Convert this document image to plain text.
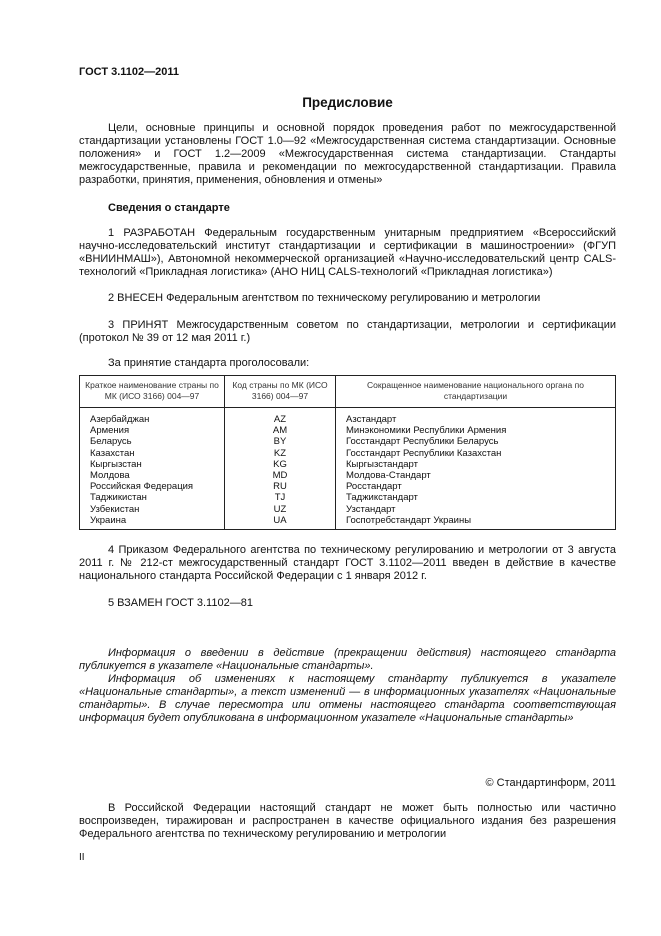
ГОСТ 3.1102—2011
Предисловие

Цели, основные принципы и основной порядок проведения работ по межгосударственной стандартизации установлены ГОСТ 1.0—92 «Межгосударственная система стандартизации. Основные положения» и ГОСТ 1.2—2009 «Межгосударственная система стандартизации. Стандарты межгосударственные, правила и рекомендации по межгосударственной стандартизации. Правила разработки, принятия, применения, обновления и отмены»

Сведения о стандарте

1 РАЗРАБОТАН Федеральным государственным унитарным предприятием «Всероссийский научно-исследовательский институт стандартизации и сертификации в машиностроении» (ФГУП «ВНИИНМАШ»), Автономной некоммерческой организацией «Научно-исследовательский центр CALS-технологий «Прикладная логистика» (АНО НИЦ CALS-технологий «Прикладная логистика»)

2 ВНЕСЕН Федеральным агентством по техническому регулированию и метрологии

3 ПРИНЯТ Межгосударственным советом по стандартизации, метрологии и сертификации (протокол № 39 от 12 мая 2011 г.)

За принятие стандарта проголосовали:

Краткое наименование страны по МК (ИСО 3166) 004—97	Код страны по МК (ИСО 3166) 004—97	Сокращенное наименование национального органа по стандартизации
Азербайджан	AZ	Азстандарт
Армения	AM	Минэкономики Республики Армения
Беларусь	BY	Госстандарт Республики Беларусь
Казахстан	KZ	Госстандарт Республики Казахстан
Кыргызстан	KG	Кыргызстандарт
Молдова	MD	Молдова-Стандарт
Российская Федерация	RU	Росстандарт
Таджикистан	TJ	Таджикстандарт
Узбекистан	UZ	Узстандарт
Украина	UA	Госпотребстандарт Украины

4 Приказом Федерального агентства по техническому регулированию и метрологии от 3 августа 2011 г. № 212-ст межгосударственный стандарт ГОСТ 3.1102—2011 введен в действие в качестве национального стандарта Российской Федерации с 1 января 2012 г.

5 ВЗАМЕН ГОСТ 3.1102—81

Информация о введении в действие (прекращении действия) настоящего стандарта публикуется в указателе «Национальные стандарты».

Информация об изменениях к настоящему стандарту публикуется в указателе «Национальные стандарты», а текст изменений — в информационных указателях «Национальные стандарты». В случае пересмотра или отмены настоящего стандарта соответствующая информация будет опубликована в информационном указателе «Национальные стандарты»

© Стандартинформ, 2011

В Российской Федерации настоящий стандарт не может быть полностью или частично воспроизведен, тиражирован и распространен в качестве официального издания без разрешения Федерального агентства по техническому регулированию и метрологии

II
